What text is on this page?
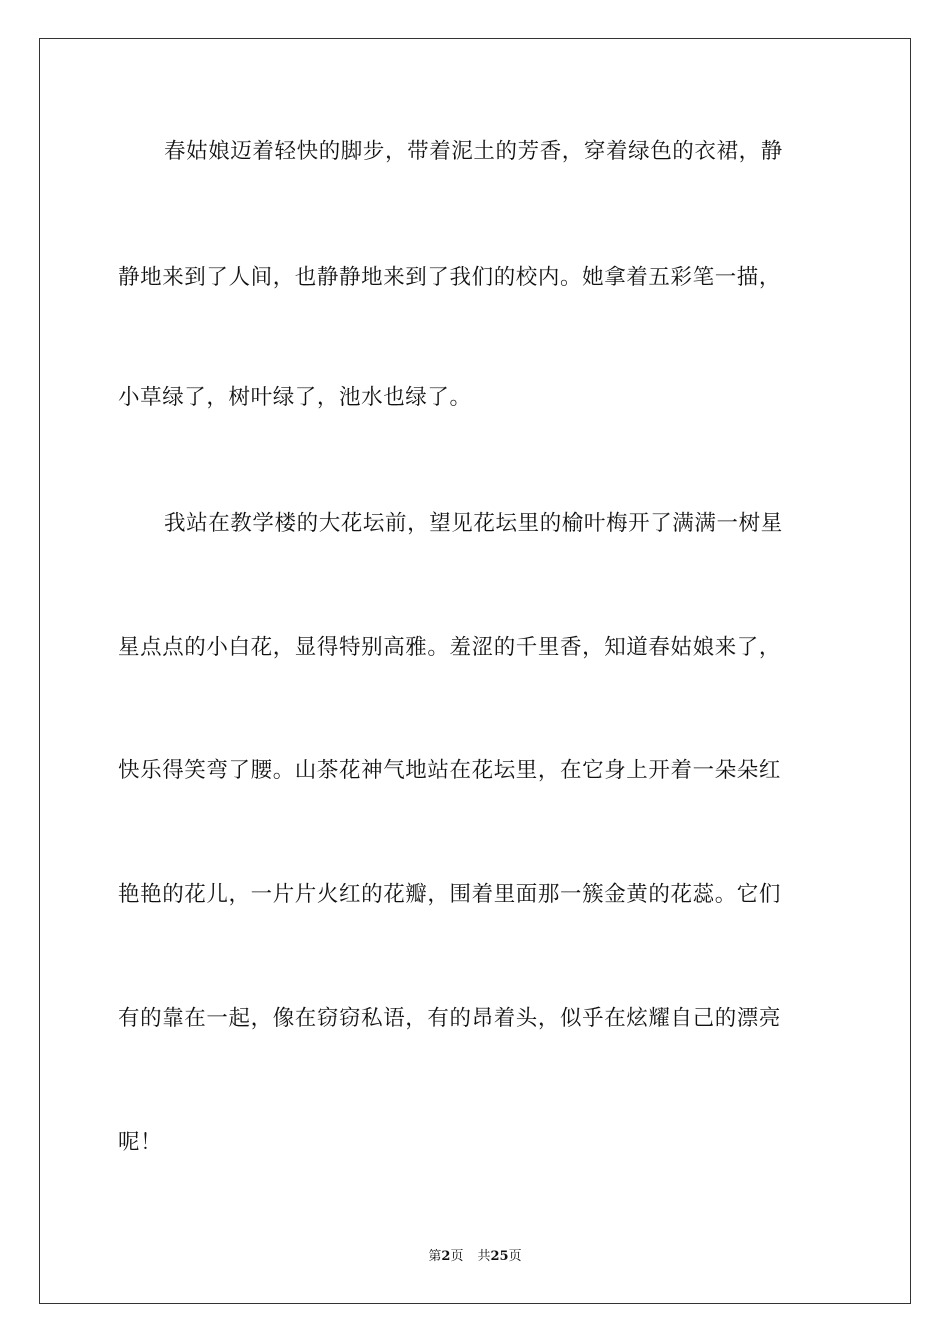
春姑娘迈着轻快的脚步，带着泥土的芳香，穿着绿色的衣裙，静
静地来到了人间，也静静地来到了我们的校内。她拿着五彩笔一描，
小草绿了，树叶绿了，池水也绿了。
我站在教学楼的大花坛前，望见花坛里的榆叶梅开了满满一树星
星点点的小白花，显得特别高雅。羞涩的千里香，知道春姑娘来了，
快乐得笑弯了腰。山茶花神气地站在花坛里，在它身上开着一朵朵红
艳艳的花儿，一片片火红的花瓣，围着里面那一簇金黄的花蕊。它们
有的靠在一起，像在窃窃私语，有的昂着头，似乎在炫耀自己的漂亮
呢！
第2页 共25页
